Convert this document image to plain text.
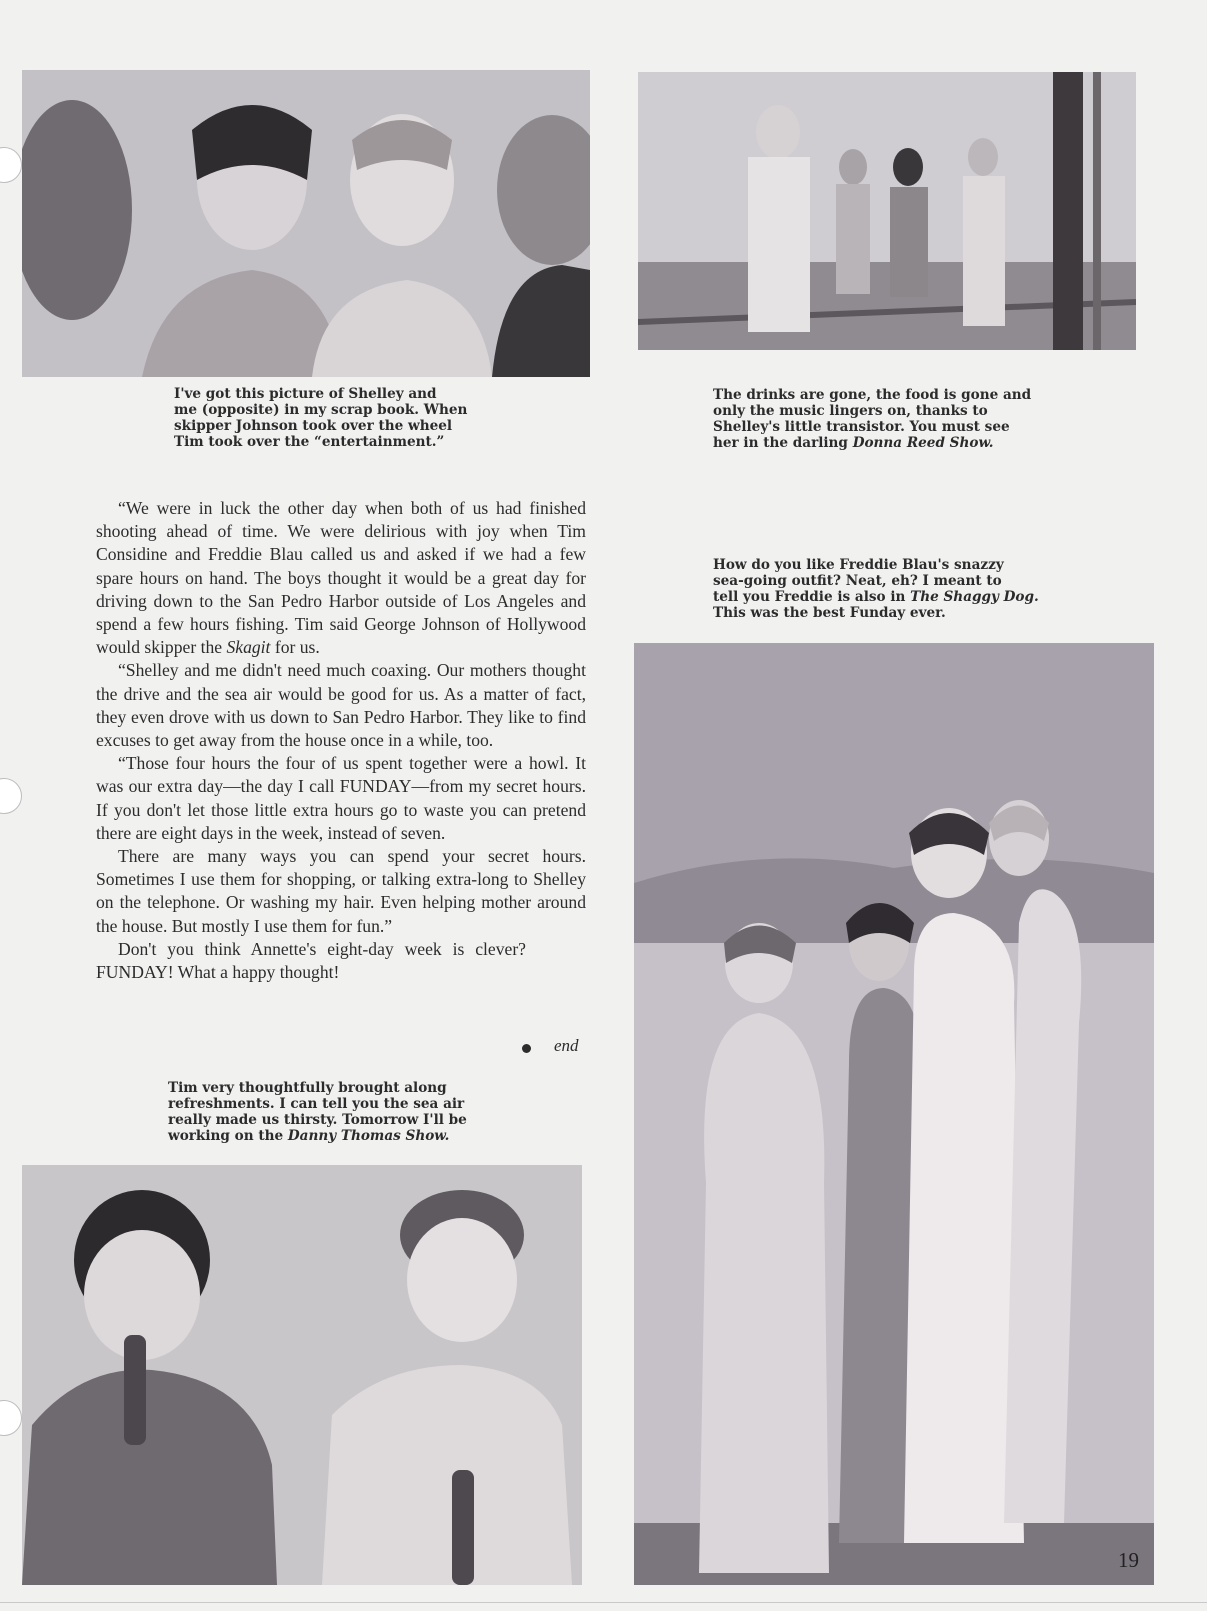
I've got this picture of Shelley and
me (opposite) in my scrap book. When
skipper Johnson took over the wheel
Tim took over the “entertainment.”
The drinks are gone, the food is gone and
only the music lingers on, thanks to
Shelley's little transistor. You must see
her in the darling Donna Reed Show.
How do you like Freddie Blau's snazzy
sea-going outfit? Neat, eh? I meant to
tell you Freddie is also in The Shaggy Dog.
This was the best Funday ever.

“We were in luck the other day when both of us had finished shooting ahead of time. We were delirious with joy when Tim Considine and Freddie Blau called us and asked if we had a few spare hours on hand. The boys thought it would be a great day for driving down to the San Pedro Harbor outside of Los Angeles and spend a few hours fishing. Tim said George Johnson of Hollywood would skipper the Skagit for us.

“Shelley and me didn't need much coaxing. Our mothers thought the drive and the sea air would be good for us. As a matter of fact, they even drove with us down to San Pedro Harbor. They like to find excuses to get away from the house once in a while, too.

“Those four hours the four of us spent together were a howl. It was our extra day—the day I call FUNDAY—from my secret hours. If you don't let those little extra hours go to waste you can pretend there are eight days in the week, instead of seven.

There are many ways you can spend your secret hours. Sometimes I use them for shopping, or talking extra-long to Shelley on the telephone. Or washing my hair. Even helping mother around the house. But mostly I use them for fun.”

Don't you think Annette's eight-day week is clever? FUNDAY! What a happy thought!

end
Tim very thoughtfully brought along
refreshments. I can tell you the sea air
really made us thirsty. Tomorrow I'll be
working on the Danny Thomas Show.
19
